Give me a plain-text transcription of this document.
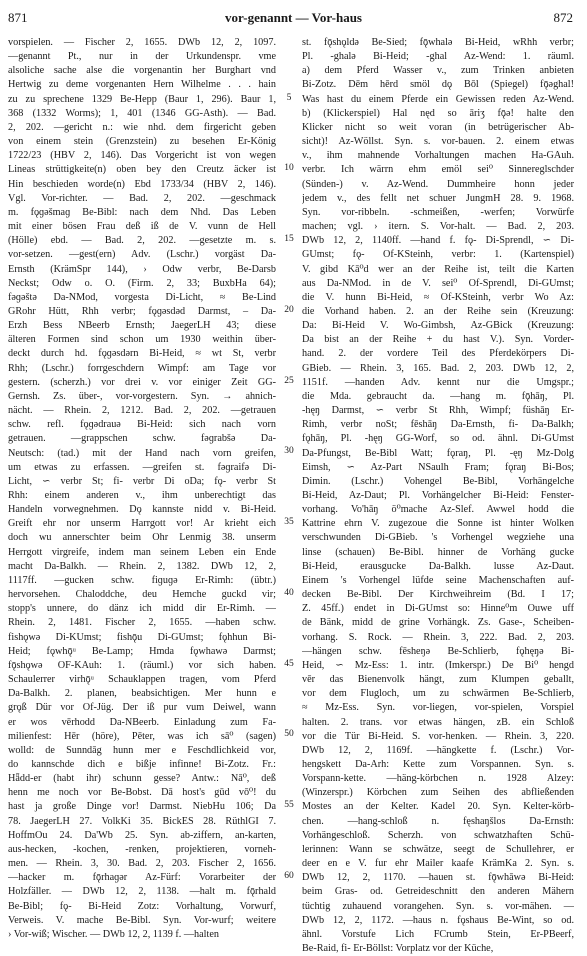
871	vor-genannt — Vor-haus	872

vorspielen. — Fischer 2, 1655. DWb 12, 2, 1097.
—genannt Pt., nur in der Urkundenspr. vme
alsoliche sache alse die vorgenantin her Burghart vnd
Hertwig zu deme vorgenanten Hern Wilhelme . . . hain
zu zu sprechene 1329 Be-Hepp (Baur 1, 296). Baur 1,
368 (1332 Worms); 1, 401 (1346 GG-Asth). — Bad.
2, 202. —gericht n.: wie nhd. dem firgericht geben
von einem stein (Grenzstein) zu besehen Er-König
1722/23 (HBV 2, 146). Das Vorgericht ist von wegen
Lineas strüttigkeite(n) oben bey den Creutz äcker ist
Hin beschieden worde(n) Ebd 1733/34 (HBV 2, 146).
Vgl. Vor-richter. — Bad. 2, 202. —geschmack
m. fǫɡəšmaɡ Be-Bibl: nach dem Nhd. Das Leben
mit einer bösen Frau deß iß de V. vunn de Hell
(Hölle) ebd. — Bad. 2, 202. —gesetzte m. s.
vor-setzen. —gest(ern) Adv. (Lschr.) vorgäst Da-
Ernsth (KrämSpr 144), › Odw verbr, Be-Darsb
Neckst; Odw o. O. (Firm. 2, 33; BuxbHa 64);
fəɡəštə Da-NMod, vorgesta Di-Licht, ≈ Be-Lind
GRohr Hütt, Rhh verbr; fǫɡəsdəd Darmst, – Da-
Erzh Bess NBeerb Ernsth; JaegerLH 43; diese
älteren Formen sind schon um 1930 weithin über-
deckt durch hd. fǫɡəsdərn Bi-Heid, ≈ wt St, verbr
Rhh; (Lschr.) forrgeschdern Wimpf: am Tage vor
gestern. (scherzh.) vor drei v. vor einiger Zeit GG-
Gernsh. Zs. über-, vor-vorgestern. Syn. → ahnich-
nächt. — Rhein. 2, 1212. Bad. 2, 202. —getrauen
schw. refl. fǫɡədrauə Bi-Heid: sich nach vorn
getrauen. —grappschen schw. fəɡrabšə Da-
Neutsch: (tad.) mit der Hand nach vorn greifen,
um etwas zu erfassen. —greifen st. fəɡraifə Di-
Licht, ∽ verbr St; fi- verbr Di oDa; fǫ- verbr St
Rhh: einem anderen v., ihm unberechtigt das
Handeln vorwegnehmen. Dǫ kannste nidd v. Bi-Heid.
Greift ehr nor unserm Harrgott vor! Ar krieht eich
doch wu annerschter beim Ohr Lenmig 38. unserm
Herrgott virgreife, indem man seinem Leben ein Ende
macht Da-Balkh. — Rhein. 2, 1382. DWb 12, 2,
1117ff. —gucken schw. fiɡuɡə Er-Rimh: (übtr.)
hervorsehen. Chaloddche, deu Hemche guckd vir;
stopp's unnere, do dänz ich midd dir Er-Rimh. —
Rhein. 2, 1481. Fischer 2, 1655. —haben schw.
fishǫwə Di-KUmst; fishǭu Di-GUmst; fǫhhun Bi-
Heid; fǫwhǭᵘ Be-Lamp; Hmda fǫwhawə Darmst;
fǭshǫwə OF-KAuh: 1. (räuml.) vor sich haben.
Schaulerrer virhǭᵘ Schauklappen tragen, vom Pferd
Da-Balkh. 2. planen, beabsichtigen. Mer hunn e
grǫß Dür vor Of-Jüg. Der iß pur vum Deiwel, wann
er wos vērhodd Da-NBeerb. Einladung zum Fa-
milienfest: Hēr (höre), Pēter, was ich sā⁰ (sagen)
wolld: de Sunndāg hunn mer e Feschdlichkeid vor,
do kannschde dich e bißje infinne! Bi-Zotz. Fr.:
Hǟdd-er (habt ihr) schunn gesse? Antw.: Nā⁰, deß
henn me noch vor Be-Bobst. Dā host's gūd vō⁰! du
hast ja große Dinge vor! Darmst. NiebHu 106; Da
78. JaegerLH 27. VolkKi 35. BickES 28. RüthlGI 7.
HoffmOu 24. Da'Wb 25. Syn. ab-ziffern, an-karten,
aus-hecken, -kochen, -renken, projektieren, vorneh-
men. — Rhein. 3, 30. Bad. 2, 203. Fischer 2, 1656.
—hacker m. fǭrhaɡər Az-Fürf: Vorarbeiter der
Holzfäller. — DWb 12, 2, 1138. —halt m. fǭrhald
Be-Bibl; fǫ- Bi-Heid Zotz: Vorhaltung, Vorwurf,
Verweis. V. mache Be-Bibl. Syn. Vor-wurf; weitere
› Vor-wiß; Wischer. — DWb 12, 2, 1139 f. —halten

5
10
15
20
25
30
35
40
45
50
55
60

st. fǭshǫldə Be-Sied; fǭwhalə Bi-Heid, wRhh verbr;
Pl. -ghalə Bi-Heid; -ghal Az-Wend: 1. räuml.
a) dem Pferd Wasser v., zum Trinken anbieten
Bi-Zotz. Dēm hērd smöl dǫ Bōl (Spiegel) fǭəghal!
Was hast du einem Pferde ein Gewissen reden Az-Wend.
b) (Klickerspiel) Hal nęd so āriʒ fǭə! halte den
Klicker nicht so weit voran (in betrügerischer Ab-
sicht)! Az-Wöllst. Syn. s. vor-bauen. 2. einem etwas
v., ihm mahnende Vorhaltungen machen Ha-GAuh.
verbr. Ich wärrn ehm emöl sei⁰ Sinnereglschder
(Sünden-) v. Az-Wend. Dummheire honn jeder
jedem v., des fellt net schuer JungmH 28. 9. 1968.
Syn. vor-ribbeln. -schmeißen, -werfen; Vorwürfe
machen; vgl. › itern. S. Vor-halt. — Bad. 2, 203.
DWb 12, 2, 1140ff. —hand f. fǫ- Di-Sprendl, ∽ Di-
GUmst; fǫ- Of-KSteinh, verbr: 1. (Kartenspiel)
V. gibd Kā⁰d wer an der Reihe ist, teilt die Karten
aus Da-NMod. in de V. sei⁰ Of-Sprendl, Di-GUmst;
die V. hunn Bi-Heid, ≈ Of-KSteinh, verbr Wo Az:
die Vorhand haben. 2. an der Reihe sein (Kreuzung:
Da: Bi-Heid V. Wo-Gimbsh, Az-GBick (Kreuzung:
Da bist an der Reihe + du hast V.). Syn. Vorder-
hand. 2. der vordere Teil des Pferdekörpers Di-
GBieb. — Rhein. 3, 165. Bad. 2, 203. DWb 12, 2,
1151f. —handen Adv. kennt nur die Umgspr.;
die Mda. gebraucht da. —hang m. fǭhāŋ, Pl.
-hęŋ Darmst, ∽ verbr St Rhh, Wimpf; füshāŋ Er-
Rimh, verbr noSt; fēshāŋ Da-Ernsth, fi- Da-Balkh;
fǫhāŋ, Pl. -hęŋ GG-Worf, so od. ähnl. Di-GUmst
Da-Pfungst, Be-Bibl Watt; fǫraŋ, Pl. -ęŋ Mz-Dolg
Eimsh, ∽ Az-Part NSaulh Fram; fǫraŋ Bi-Bos;
Dimin. (Lschr.) Vohengel Be-Bibl, Vorhängelche
Bi-Heid, Az-Daut; Pl. Vorhängelcher Bi-Heid: Fenster-
vorhang. Vo'hāŋ ö⁰mache Az-Slef. Awwel hodd die
Kattrine ehrn V. zugezoue die Sonne ist hinter Wolken
verschwunden Di-GBieb. 's Vorhengel wegziehe una
linse (schauen) Be-Bibl. hinner de Vorhäng gucke
Bi-Heid, erausgucke Da-Balkh. lusse Az-Daut.
Einem 's Vorhengel lüfde seine Machenschaften auf-
decken Be-Bibl. Der Kirchweihreim (Bd. I 17;
Z. 45ff.) endet in Di-GUmst so: Hinne⁰m Ouwe uff
de Bänk, midd de grine Vorhängk. Zs. Gase-, Scheiben-
vorhang. S. Rock. — Rhein. 3, 222. Bad. 2, 203.
—hängen schw. fēsheŋə Be-Schlierb, fǫhęŋə Bi-
Heid, ∽ Mz-Ess: 1. intr. (Imkerspr.) De Bi⁰ hengd
vēr das Bienenvolk hängt, zum Klumpen geballt,
vor dem Flugloch, um zu schwärmen Be-Schlierb,
≈ Mz-Ess. Syn. vor-liegen, vor-spielen, Vorspiel
halten. 2. trans. vor etwas hängen, zB. ein Schloß
vor die Tür Bi-Heid. S. vor-henken. — Rhein. 3, 220.
DWb 12, 2, 1169f. —hängkette f. (Lschr.) Vor-
hengskett Da-Arh: Kette zum Vorspannen. Syn. s.
Vorspann-kette. —häng-körbchen n. 1928 Alzey:
(Winzerspr.) Körbchen zum Seihen des abfließenden
Mostes an der Kelter. Kadel 20. Syn. Kelter-körb-
chen. —hang-schloß n. fęshaŋšlos Da-Ernsth:
Vorhängeschloß. Scherzh. von schwatzhaften Schü-
lerinnen: Wann se schwätze, seegt de Schullehrer, er
deer en e V. fur ehr Mailer kaafe KrämKa 2. Syn. s.
DWb 12, 2, 1170. —hauen st. fǭwhāwə Bi-Heid:
beim Gras- od. Getreideschnitt den anderen Mähern
tüchtig zuhauend vorangehen. Syn. s. vor-mähen. —
DWb 12, 2, 1172. —haus n. fǫshaus Be-Wint, so od.
ähnl. Vorstufe Lich FCrumb Stein, Er-PBeerf,
Be-Raid, fi- Er-Böllst: Vorplatz vor der Küche,
